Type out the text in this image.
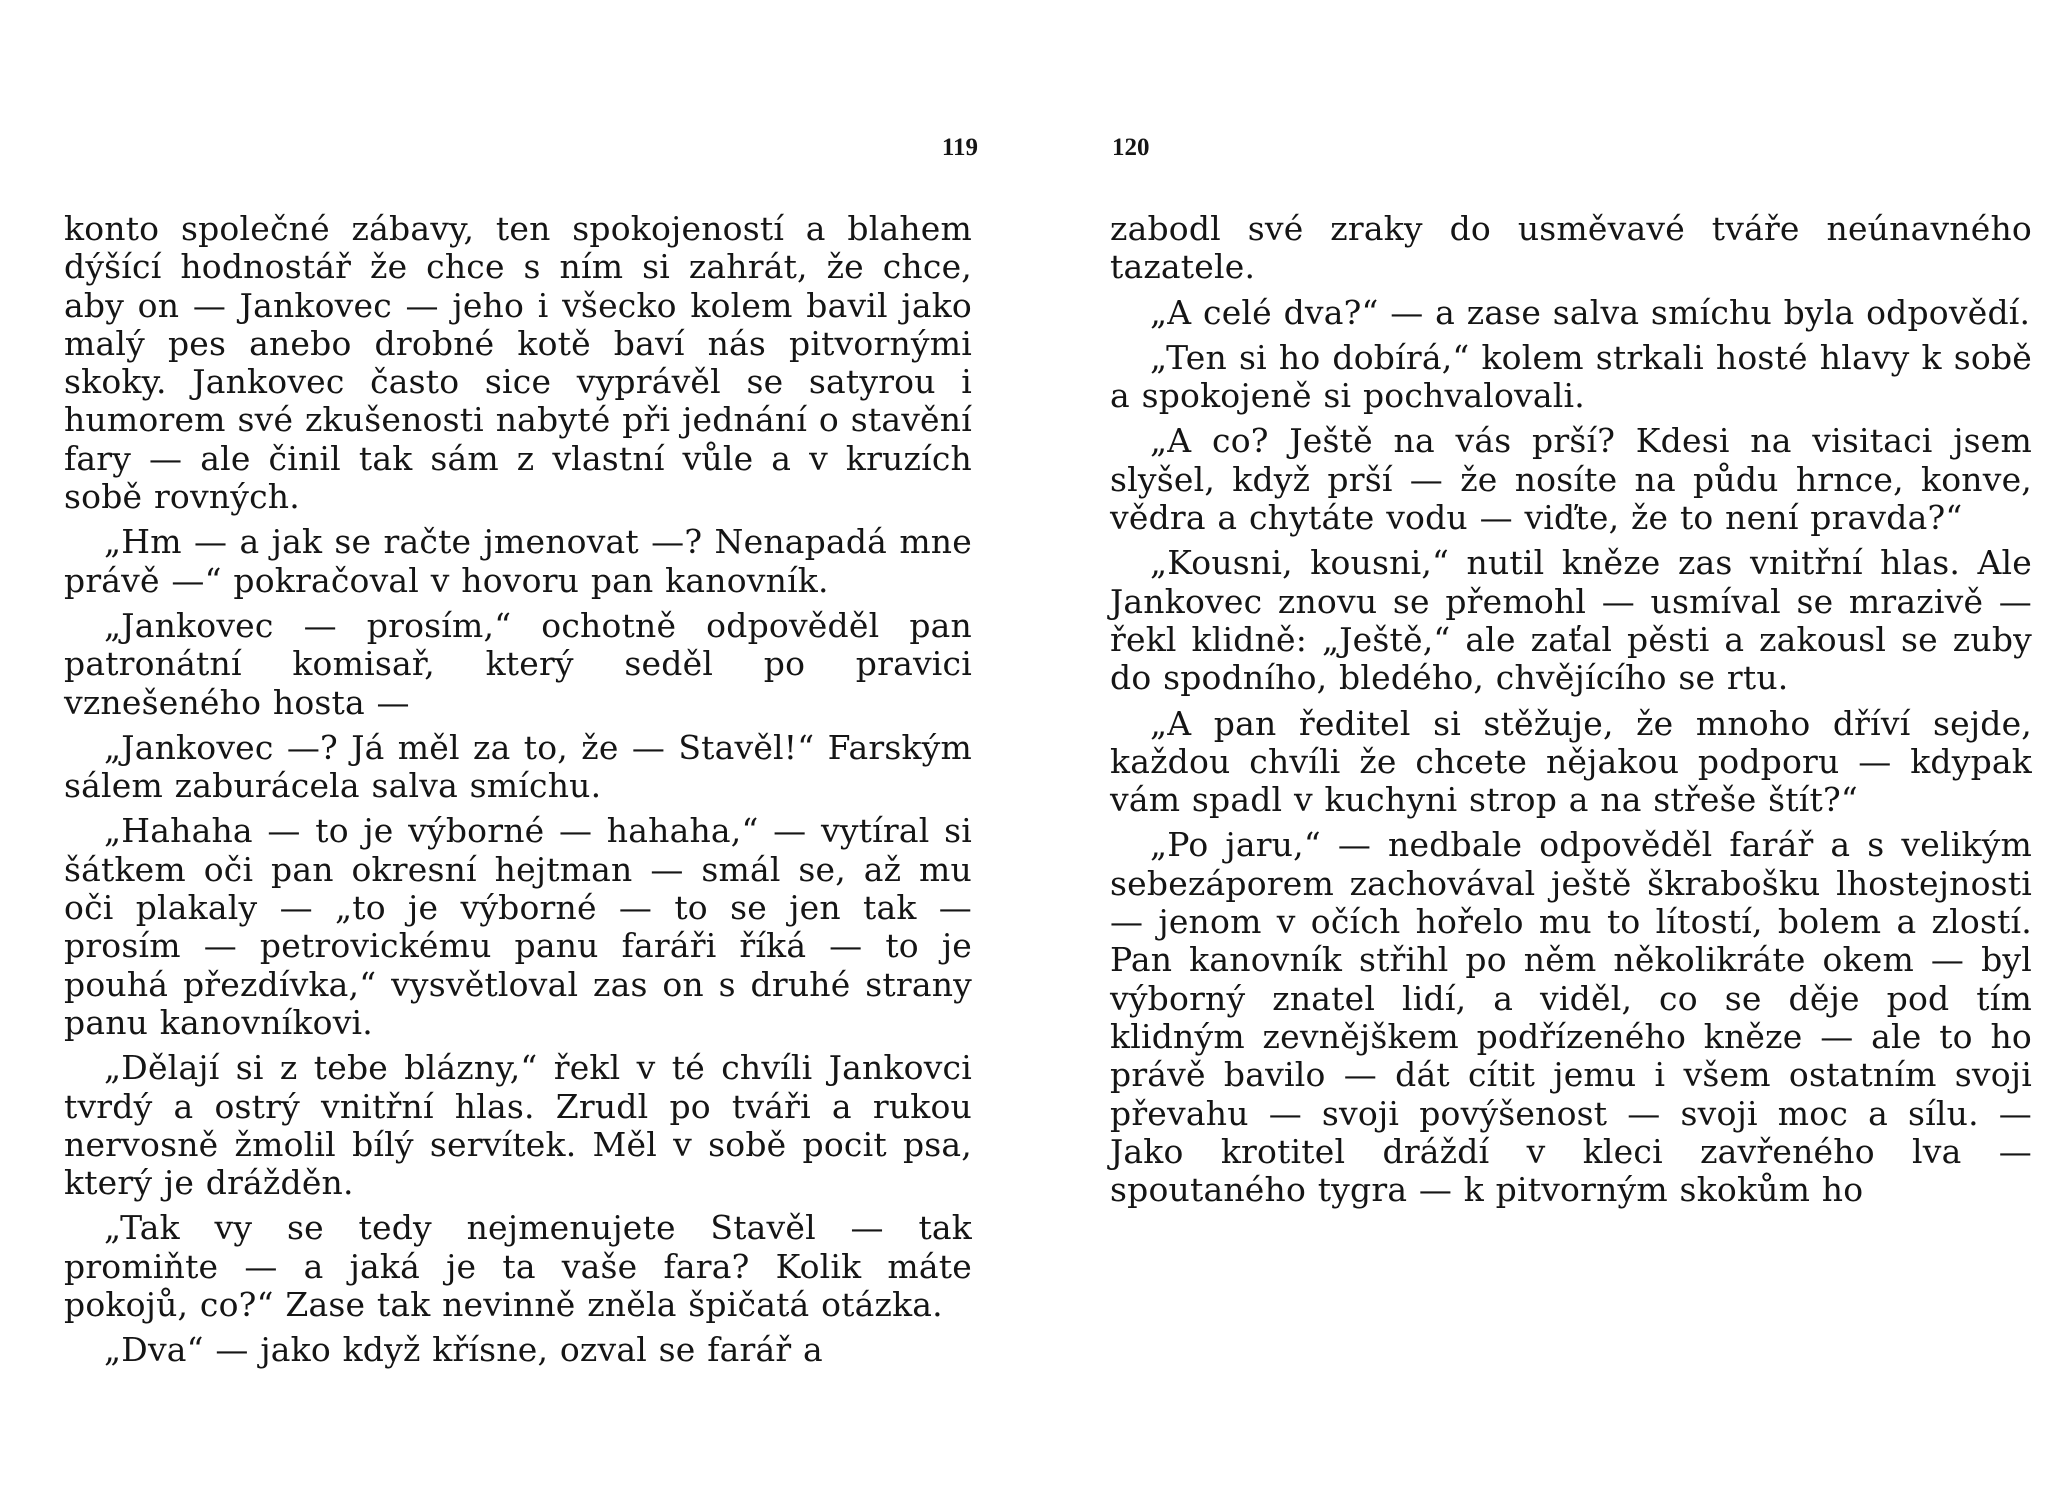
119

konto společné zábavy, ten spokojeností a blahem dýšící hodnostář že chce s ním si zahrát, že chce, aby on — Jankovec — jeho i všecko kolem bavil jako malý pes anebo drobné kotě baví nás pitvornými skoky. Jankovec často sice vyprávěl se satyrou i humorem své zkušenosti nabyté při jednání o stavění fary — ale činil tak sám z vlastní vůle a v kruzích sobě rovných.

„Hm — a jak se račte jmenovat —? Nenapadá mne právě —“ pokračoval v hovoru pan kanovník.

„Jankovec — prosím,“ ochotně odpověděl pan patronátní komisař, který seděl po pravici vznešeného hosta —

„Jankovec —? Já měl za to, že — Stavěl!“ Farským sálem zaburácela salva smíchu.

„Hahaha — to je výborné — hahaha,“ — vytíral si šátkem oči pan okresní hejtman — smál se, až mu oči plakaly — „to je výborné — to se jen tak — prosím — petrovickému panu faráři říká — to je pouhá přezdívka,“ vysvětloval zas on s druhé strany panu kanovníkovi.

„Dělají si z tebe blázny,“ řekl v té chvíli Jankovci tvrdý a ostrý vnitřní hlas. Zrudl po tváři a rukou nervosně žmolil bílý servítek. Měl v sobě pocit psa, který je drážděn.

„Tak vy se tedy nejmenujete Stavěl — tak promiňte — a jaká je ta vaše fara? Kolik máte pokojů, co?“ Zase tak nevinně zněla špičatá otázka.

„Dva“ — jako když křísne, ozval se farář a

120

zabodl své zraky do usměvavé tváře neúnavného tazatele.

„A celé dva?“ — a zase salva smíchu byla odpovědí.

„Ten si ho dobírá,“ kolem strkali hosté hlavy k sobě a spokojeně si pochvalovali.

„A co? Ještě na vás prší? Kdesi na visitaci jsem slyšel, když prší — že nosíte na půdu hrnce, konve, vědra a chytáte vodu — viďte, že to není pravda?“

„Kousni, kousni,“ nutil kněze zas vnitřní hlas. Ale Jankovec znovu se přemohl — usmíval se mrazivě — řekl klidně: „Ještě,“ ale zaťal pěsti a zakousl se zuby do spodního, bledého, chvějícího se rtu.

„A pan ředitel si stěžuje, že mnoho dříví sejde, každou chvíli že chcete nějakou podporu — kdypak vám spadl v kuchyni strop a na střeše štít?“

„Po jaru,“ — nedbale odpověděl farář a s velikým sebezáporem zachovával ještě škrabošku lhostejnosti — jenom v očích hořelo mu to lítostí, bolem a zlostí. Pan kanovník střihl po něm několikráte okem — byl výborný znatel lidí, a viděl, co se děje pod tím klidným zevnějškem podřízeného kněze — ale to ho právě bavilo — dát cítit jemu i všem ostatním svoji převahu — svoji povýšenost — svoji moc a sílu. — Jako krotitel dráždí v kleci zavřeného lva — spoutaného tygra — k pitvorným skokům ho
